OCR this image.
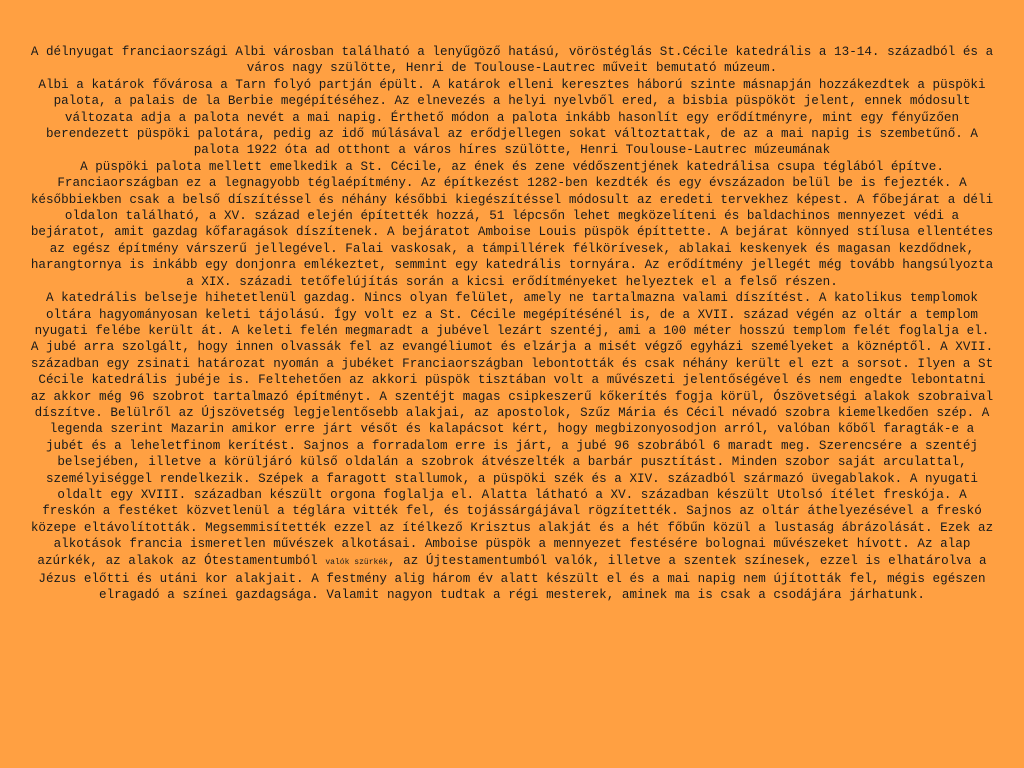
A délnyugat franciaországi Albi városban található a lenyűgöző hatású, vöröstéglás St.Cécile katedrális a 13-14. századból és a város nagy szülötte, Henri de Toulouse-Lautrec műveit bemutató múzeum.

Albi a katárok fővárosa a Tarn folyó partján épült. A katárok elleni keresztes háború szinte másnapján hozzákezdtek a püspöki palota, a palais de la Berbie megépítéséhez. Az elnevezés a helyi nyelvből ered, a bisbia püspököt jelent, ennek módosult változata adja a palota nevét a mai napig. Érthető módon a palota inkább hasonlít egy erődítményre, mint egy fényűzően berendezett püspöki palotára, pedig az idő múlásával az erődjellegen sokat változtattak, de az a mai napig is szembetűnő. A palota 1922 óta ad otthont a város híres szülötte, Henri Toulouse-Lautrec múzeumának

A püspöki palota mellett emelkedik a St. Cécile, az ének és zene védőszentjének katedrálisa csupa téglából építve. Franciaországban ez a legnagyobb téglaépítmény. Az építkezést 1282-ben kezdték és egy évszázadon belül be is fejezték. A későbbiekben csak a belső díszítéssel és néhány későbbi kiegészítéssel módosult az eredeti tervekhez képest. A főbejárat a déli oldalon található, a XV. század elején építették hozzá, 51 lépcsőn lehet megközelíteni és baldachinos mennyezet védi a bejáratot, amit gazdag kőfaragások díszítenek. A bejáratot Amboise Louis püspök építtette. A bejárat könnyed stílusa ellentétes az egész építmény várszerű jellegével. Falai vaskosak, a támpillérek félkörívesek, ablakai keskenyek és magasan kezdődnek, harangtornya is inkább egy donjonra emlékeztet, semmint egy katedrális tornyára. Az erődítmény jellegét még tovább hangsúlyozta a XIX. századi tetőfelújítás során a kicsi erődítményeket helyeztek el a felső részen.

A katedrális belseje hihetetlenül gazdag. Nincs olyan felület, amely ne tartalmazna valami díszítést. A katolikus templomok oltára hagyományosan keleti tájolású. Így volt ez a St. Cécile megépítésénél is, de a XVII. század végén az oltár a templom nyugati felébe került át. A keleti felén megmaradt a jubével lezárt szentéj, ami a 100 méter hosszú templom felét foglalja el. A jubé arra szolgált, hogy innen olvassák fel az evangéliumot és elzárja a misét végző egyházi személyeket a köznéptől. A XVII. században egy zsinati határozat nyomán a jubéket Franciaországban lebontották és csak néhány került el ezt a sorsot. Ilyen a St Cécile katedrális jubéje is. Feltehetően az akkori püspök tisztában volt a művészeti jelentőségével és nem engedte lebontatni az akkor még 96 szobrot tartalmazó építményt. A szentéjt magas csipkeszerű kőkerítés fogja körül, Ószövetségi alakok szobraival díszítve. Belülről az Újszövetség legjelentősebb alakjai, az apostolok, Szűz Mária és Cécil névadó szobra kiemelkedően szép. A legenda szerint Mazarin amikor erre járt vésőt és kalapácsot kért, hogy megbizonyosodjon arról, valóban kőből faragták-e a jubét és a leheletfinom kerítést. Sajnos a forradalom erre is járt, a jubé 96 szobrából 6 maradt meg. Szerencsére a szentéj belsejében, illetve a körüljáró külső oldalán a szobrok átvészelték a barbár pusztítást. Minden szobor saját arculattal, személyiséggel rendelkezik. Szépek a faragott stallumok, a püspöki szék és a XIV. századból származó üvegablakok. A nyugati oldalt egy XVIII. században készült orgona foglalja el. Alatta látható a XV. században készült Utolsó ítélet freskója. A freskón a festéket közvetlenül a téglára vitték fel, és tojássárgájával rögzítették. Sajnos az oltár áthelyezésével a freskó közepe eltávolították. Megsemmisítették ezzel az ítélkező Krisztus alakját és a hét főbűn közül a lustaság ábrázolását. Ezek az alkotások francia ismeretlen művészek alkotásai. Amboise püspök a mennyezet festésére bolognai művészeket hívott. Az alap azúrkék, az alakok az Ótestamentumból valók szürkék, az Újtestamentumból valók, illetve a szentek színesek, ezzel is elhatárolva a Jézus előtti és utáni kor alakjait. A festmény alig három év alatt készült el és a mai napig nem újították fel, mégis egészen elragadó a színei gazdagsága. Valamit nagyon tudtak a régi mesterek, aminek ma is csak a csodájára járhatunk.
